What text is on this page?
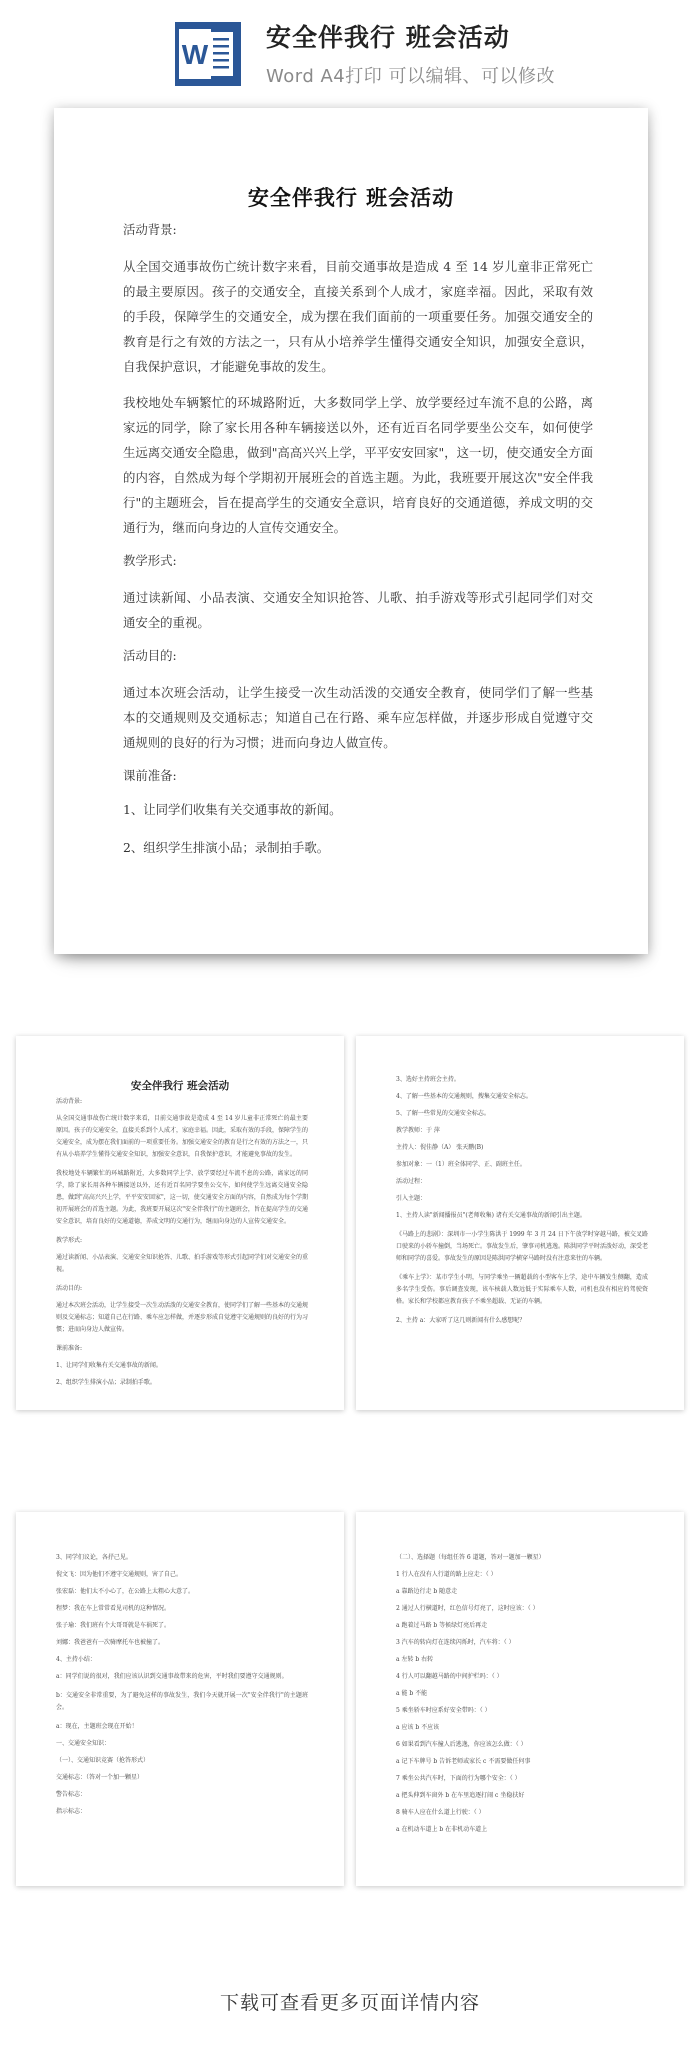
W
安全伴我行 班会活动
Word A4打印 可以编辑、可以修改
安全伴我行 班会活动
活动背景:
从全国交通事故伤亡统计数字来看，目前交通事故是造成 4 至 14 岁儿童非正常死亡的最主要原因。孩子的交通安全，直接关系到个人成才，家庭幸福。因此，采取有效的手段，保障学生的交通安全，成为摆在我们面前的一项重要任务。加强交通安全的教育是行之有效的方法之一，只有从小培养学生懂得交通安全知识，加强安全意识，自我保护意识，才能避免事故的发生。
我校地处车辆繁忙的环城路附近，大多数同学上学、放学要经过车流不息的公路，离家远的同学，除了家长用各种车辆接送以外，还有近百名同学要坐公交车，如何使学生远离交通安全隐患，做到"高高兴兴上学，平平安安回家"，这一切，使交通安全方面的内容，自然成为每个学期初开展班会的首选主题。为此，我班要开展这次"安全伴我行"的主题班会，旨在提高学生的交通安全意识，培育良好的交通道德，养成文明的交通行为，继而向身边的人宣传交通安全。
教学形式:
通过读新闻、小品表演、交通安全知识抢答、儿歌、拍手游戏等形式引起同学们对交通安全的重视。
活动目的:
通过本次班会活动，让学生接受一次生动活泼的交通安全教育，使同学们了解一些基本的交通规则及交通标志；知道自己在行路、乘车应怎样做，并逐步形成自觉遵守交通规则的良好的行为习惯；进而向身边人做宣传。
课前准备:
1、让同学们收集有关交通事故的新闻。
2、组织学生排演小品；录制拍手歌。
安全伴我行 班会活动
活动背景:
从全国交通事故伤亡统计数字来看，目前交通事故是造成 4 至 14 岁儿童非正常死亡的最主要原因。孩子的交通安全，直接关系到个人成才，家庭幸福。因此，采取有效的手段，保障学生的交通安全，成为摆在我们面前的一项重要任务。加强交通安全的教育是行之有效的方法之一，只有从小培养学生懂得交通安全知识，加强安全意识，自我保护意识，才能避免事故的发生。
我校地处车辆繁忙的环城路附近，大多数同学上学、放学要经过车流不息的公路，离家远的同学，除了家长用各种车辆接送以外，还有近百名同学要坐公交车，如何使学生远离交通安全隐患，做到"高高兴兴上学，平平安安回家"，这一切，使交通安全方面的内容，自然成为每个学期初开展班会的首选主题。为此，我班要开展这次"安全伴我行"的主题班会，旨在提高学生的交通安全意识，培育良好的交通道德，养成文明的交通行为，继而向身边的人宣传交通安全。
教学形式:
通过读新闻、小品表演、交通安全知识抢答、儿歌、拍手游戏等形式引起同学们对交通安全的重视。
活动目的:
通过本次班会活动，让学生接受一次生动活泼的交通安全教育，使同学们了解一些基本的交通规则及交通标志；知道自己在行路、乘车应怎样做，并逐步形成自觉遵守交通规则的良好的行为习惯；进而向身边人做宣传。
课前准备:
1、让同学们收集有关交通事故的新闻。
2、组织学生排演小品；录制拍手歌。
3、选好主持班会主持。
4、了解一些基本的交通规则，搜集交通安全标志。
5、了解一些常见的交通安全标志。
教学教师：于 萍
主持人：倪佳静（A） 张天鹏(B)
参加对象：一（1）班全体同学、正、副班主任。
活动过程：
引入主题：
1、主持人读"新闻播报员"(老师收集) 诸有关交通事故的新闻引出主题。
《马路上的悲剧》：深圳市一小学生陈洪于 1999 年 3 月 24 日下午放学时穿越马路，被交叉路口驶来的小轿车撞倒，当场死亡。事故发生后，肇事司机逃逸。陈洪同学平时活泼好动，深受老师和同学的喜爱。事故发生的原因是陈洪同学横穿马路时没有注意来往的车辆。
《乘车上学》：某市学生小明，与同学乘坐一辆超载的小型客车上学，途中车辆发生侧翻，造成多名学生受伤。事后调查发现，该车核载人数远低于实际乘车人数，司机也没有相应的驾驶资格。家长和学校都应教育孩子不乘坐超载、无证的车辆。
2、主持 a：大家听了这几则新闻有什么感想呢？
3、同学们议论，各抒己见。
倪文飞：因为他们不遵守交通规则，害了自己。
张宏磊：他们太不小心了，在公路上太粗心大意了。
程梦：我在车上常常看见司机的这种情况。
张子瑜：我们班有个大哥哥就是车祸死了。
刘娜：我爸爸有一次骑摩托车也被撞了。
4、主持小结：
a：同学们说的很对，我们应该认识到交通事故带来的危害，平时我们要遵守交通规则。
b：交通安全非常重要，为了避免这样的事故发生，我们今天就开展一次"安全伴我行"的主题班会。
a：现在，主题班会现在开始！
一、交通安全知识：
（一）、交通知识竞赛（抢答形式）
交通标志：（答对一个加一颗星）
警告标志：
指示标志：
（二）、选择题（每组任答 6 道题，答对一题加一颗星）
1 行人在没有人行道的路上应走：（ ）
a 靠路边行走 b 随意走
2 通过人行横道时，红色信号灯亮了，这时应该：（ ）
a 跑着过马路 b 等候绿灯亮后再走
3 汽车的转向灯在连续闪烁时，汽车将：（ ）
a 左转 b 右转
4 行人可以翻越马路的中间护栏吗：（ ）
a 能 b 不能
5 乘坐轿车时应系好安全带吗：（ ）
a 应该 b 不应该
6 如果看到汽车撞人后逃逸，你应该怎么做：（ ）
a 记下车牌号 b 告诉老师或家长 c 不需要做任何事
7 乘坐公共汽车时，下面的行为哪个安全：（ ）
a 把头伸到车窗外 b 在车里追逐打闹 c 坐稳扶好
8 骑车人应在什么道上行驶：（ ）
a 在机动车道上 b 在非机动车道上
下载可查看更多页面详情内容
